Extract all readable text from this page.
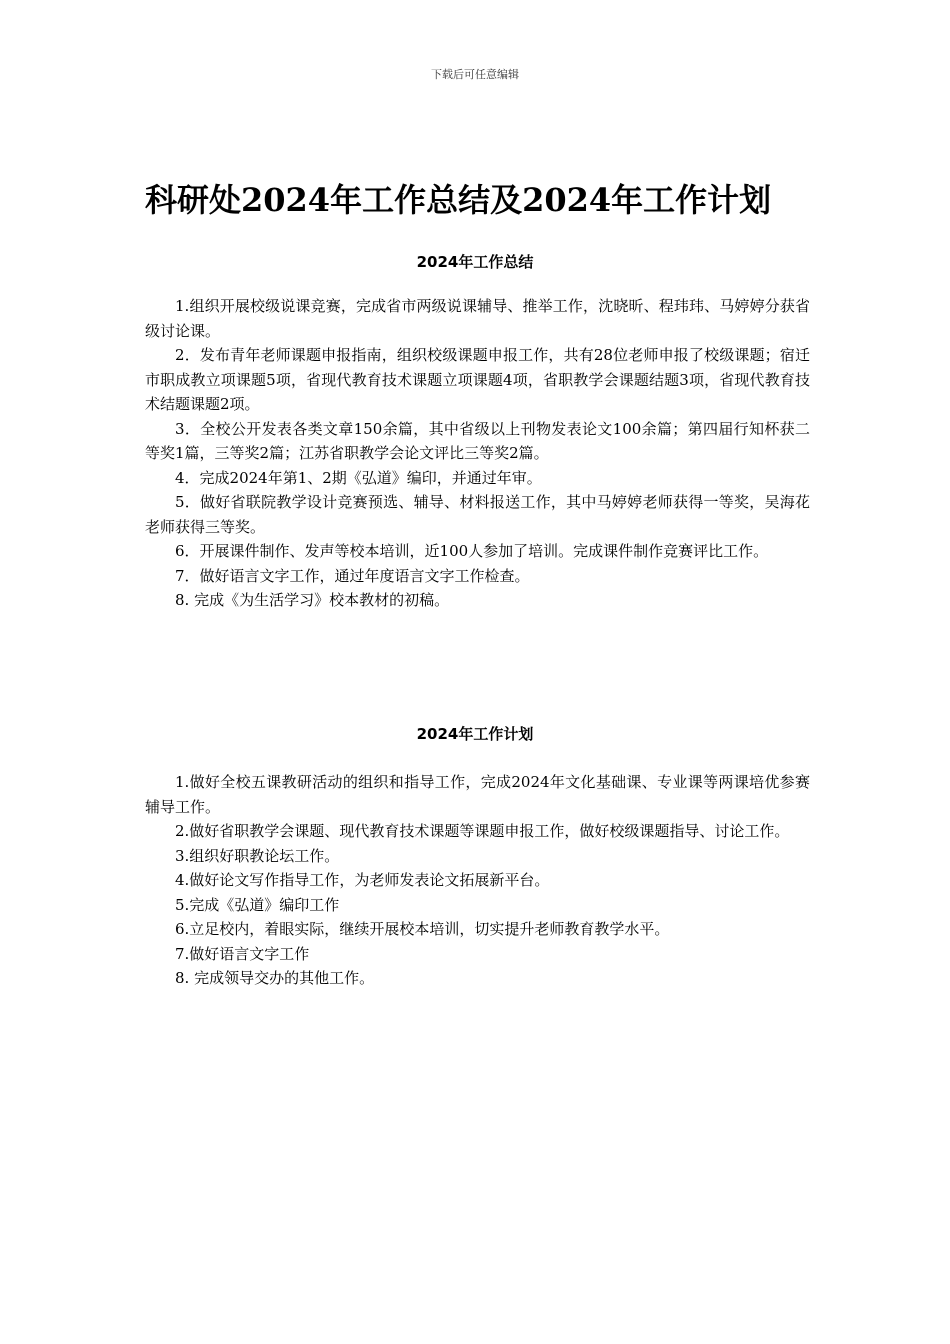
下载后可任意编辑
科研处2024年工作总结及2024年工作计划
2024年工作总结
1.组织开展校级说课竞赛，完成省市两级说课辅导、推举工作，沈晓昕、程玮玮、马婷婷分获省级讨论课。
2．发布青年老师课题申报指南，组织校级课题申报工作，共有28位老师申报了校级课题；宿迁市职成教立项课题5项，省现代教育技术课题立项课题4项，省职教学会课题结题3项，省现代教育技术结题课题2项。
3．全校公开发表各类文章150余篇，其中省级以上刊物发表论文100余篇；第四届行知杯获二等奖1篇，三等奖2篇；江苏省职教学会论文评比三等奖2篇。
4．完成2024年第1、2期《弘道》编印，并通过年审。
5．做好省联院教学设计竞赛预选、辅导、材料报送工作，其中马婷婷老师获得一等奖，吴海花老师获得三等奖。
6．开展课件制作、发声等校本培训，近100人参加了培训。完成课件制作竞赛评比工作。
7．做好语言文字工作，通过年度语言文字工作检查。
8. 完成《为生活学习》校本教材的初稿。
2024年工作计划
1.做好全校五课教研活动的组织和指导工作，完成2024年文化基础课、专业课等两课培优参赛辅导工作。
2.做好省职教学会课题、现代教育技术课题等课题申报工作，做好校级课题指导、讨论工作。
3.组织好职教论坛工作。
4.做好论文写作指导工作，为老师发表论文拓展新平台。
5.完成《弘道》编印工作
6.立足校内，着眼实际，继续开展校本培训，切实提升老师教育教学水平。
7.做好语言文字工作
8. 完成领导交办的其他工作。
